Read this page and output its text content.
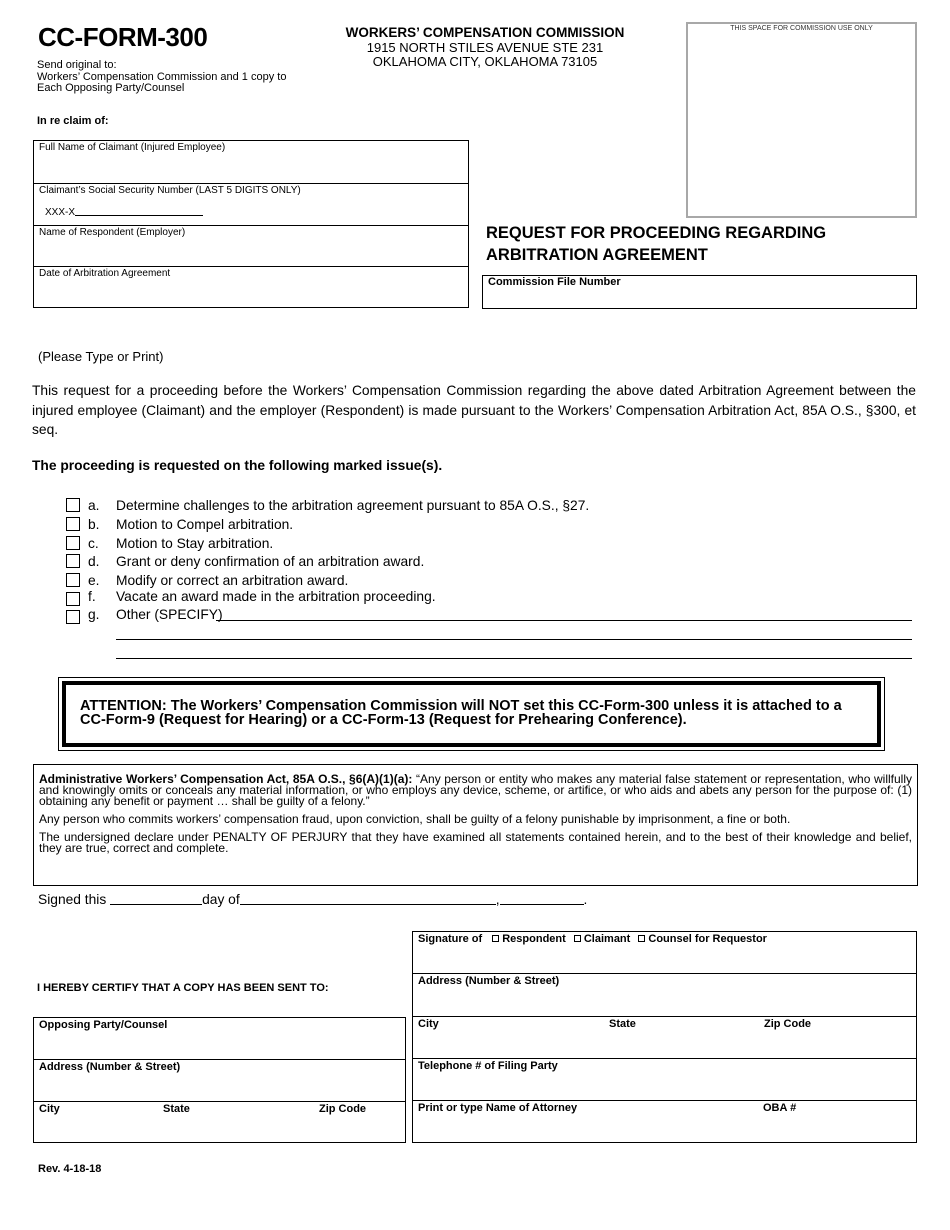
CC-FORM-300
Send original to:
Workers’ Compensation Commission and 1 copy to
Each Opposing Party/Counsel
WORKERS’ COMPENSATION COMMISSION
1915 NORTH STILES AVENUE STE 231
OKLAHOMA CITY, OKLAHOMA 73105
THIS SPACE FOR COMMISSION USE ONLY
In re claim of:
Full Name of Claimant (Injured Employee)
Claimant’s Social Security Number (LAST 5 DIGITS ONLY)
XXX-X
Name of Respondent (Employer)
Date of Arbitration Agreement
REQUEST FOR PROCEEDING REGARDING
ARBITRATION AGREEMENT
Commission File Number
(Please Type or Print)
This request for a proceeding before the Workers’ Compensation Commission regarding the above dated Arbitration Agreement between the injured employee (Claimant) and the employer (Respondent) is made pursuant to the Workers’ Compensation Arbitration Act, 85A O.S., §300, et seq.
The proceeding is requested on the following marked issue(s).
a.	Determine challenges to the arbitration agreement pursuant to 85A O.S., §27.
b.	Motion to Compel arbitration.
c.	Motion to Stay arbitration.
d.	Grant or deny confirmation of an arbitration award.
e.	Modify or correct an arbitration award.
f.	Vacate an award made in the arbitration proceeding.
g.	Other (SPECIFY)
ATTENTION: The Workers’ Compensation Commission will NOT set this CC-Form-300 unless it is attached to a CC-Form-9 (Request for Hearing) or a CC-Form-13 (Request for Prehearing Conference).

Administrative Workers’ Compensation Act, 85A O.S., §6(A)(1)(a): “Any person or entity who makes any material false statement or representation, who willfully and knowingly omits or conceals any material information, or who employs any device, scheme, or artifice, or who aids and abets any person for the purpose of: (1) obtaining any benefit or payment … shall be guilty of a felony.”

Any person who commits workers’ compensation fraud, upon conviction, shall be guilty of a felony punishable by imprisonment, a fine or both.

The undersigned declare under PENALTY OF PERJURY that they have examined all statements contained herein, and to the best of their knowledge and belief, they are true, correct and complete.

Signed this	day of	,	.
I HEREBY CERTIFY THAT A COPY HAS BEEN SENT TO:
Opposing Party/Counsel
Address (Number & Street)
City	State	Zip Code
Signature of Respondent Claimant Counsel for Requestor
Address (Number & Street)
City	State	Zip Code
Telephone # of Filing Party
Print or type Name of Attorney	OBA #
Rev. 4-18-18
